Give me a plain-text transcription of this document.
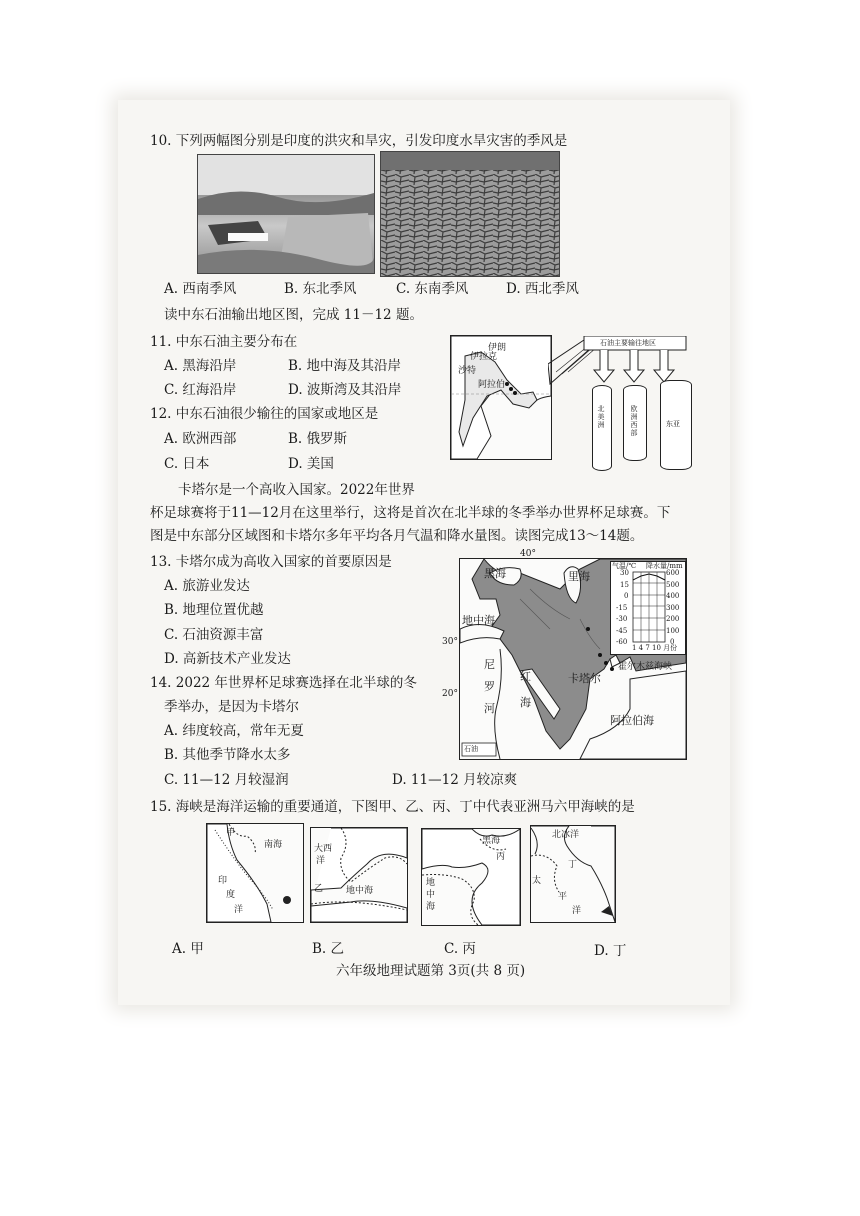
10. 下列两幅图分别是印度的洪灾和旱灾，引发印度水旱灾害的季风是
A. 西南季风	B. 东北季风	C. 东南季风	D. 西北季风
读中东石油输出地区图，完成 11－12 题。
11. 中东石油主要分布在
A. 黑海沿岸	B. 地中海及其沿岸
C. 红海沿岸	D. 波斯湾及其沿岸
12. 中东石油很少输往的国家或地区是
A. 欧洲西部	B. 俄罗斯
C. 日本	D. 美国
伊朗
伊拉克
沙特
阿拉伯
石油主要输往地区
北美洲
欧洲西部
东亚
卡塔尔是一个高收入国家。2022年世界
杯足球赛将于11—12月在这里举行，这将是首次在北半球的冬季举办世界杯足球赛。下
图是中东部分区域图和卡塔尔多年平均各月气温和降水量图。读图完成13～14题。
13. 卡塔尔成为高收入国家的首要原因是
A. 旅游业发达
B. 地理位置优越
C. 石油资源丰富
D. 高新技术产业发达
14. 2022 年世界杯足球赛选择在北半球的冬
季举办，是因为卡塔尔
A. 纬度较高，常年无夏
B. 其他季节降水太多
C. 11—12 月较湿润	D. 11—12 月较凉爽
40°
30°
20°
黑海	里海
地中海
尼罗河
红海
卡塔尔
霍尔木兹海峡
阿拉伯海
石油
气温/℃ 降水量/mm
30
15
0
-15
-30
-45
-60
600
500
400
300
200
100
0
1 4 7 10 月份
15. 海峡是海洋运输的重要通道，下图甲、乙、丙、丁中代表亚洲马六甲海峡的是
甲
南海
印
度
洋
大西
洋
乙	地中海
黑海
丙
地
中
海
北冰洋
丁
太
平
洋
A. 甲	B. 乙	C. 丙	D. 丁
六年级地理试题第 3页(共 8 页)
